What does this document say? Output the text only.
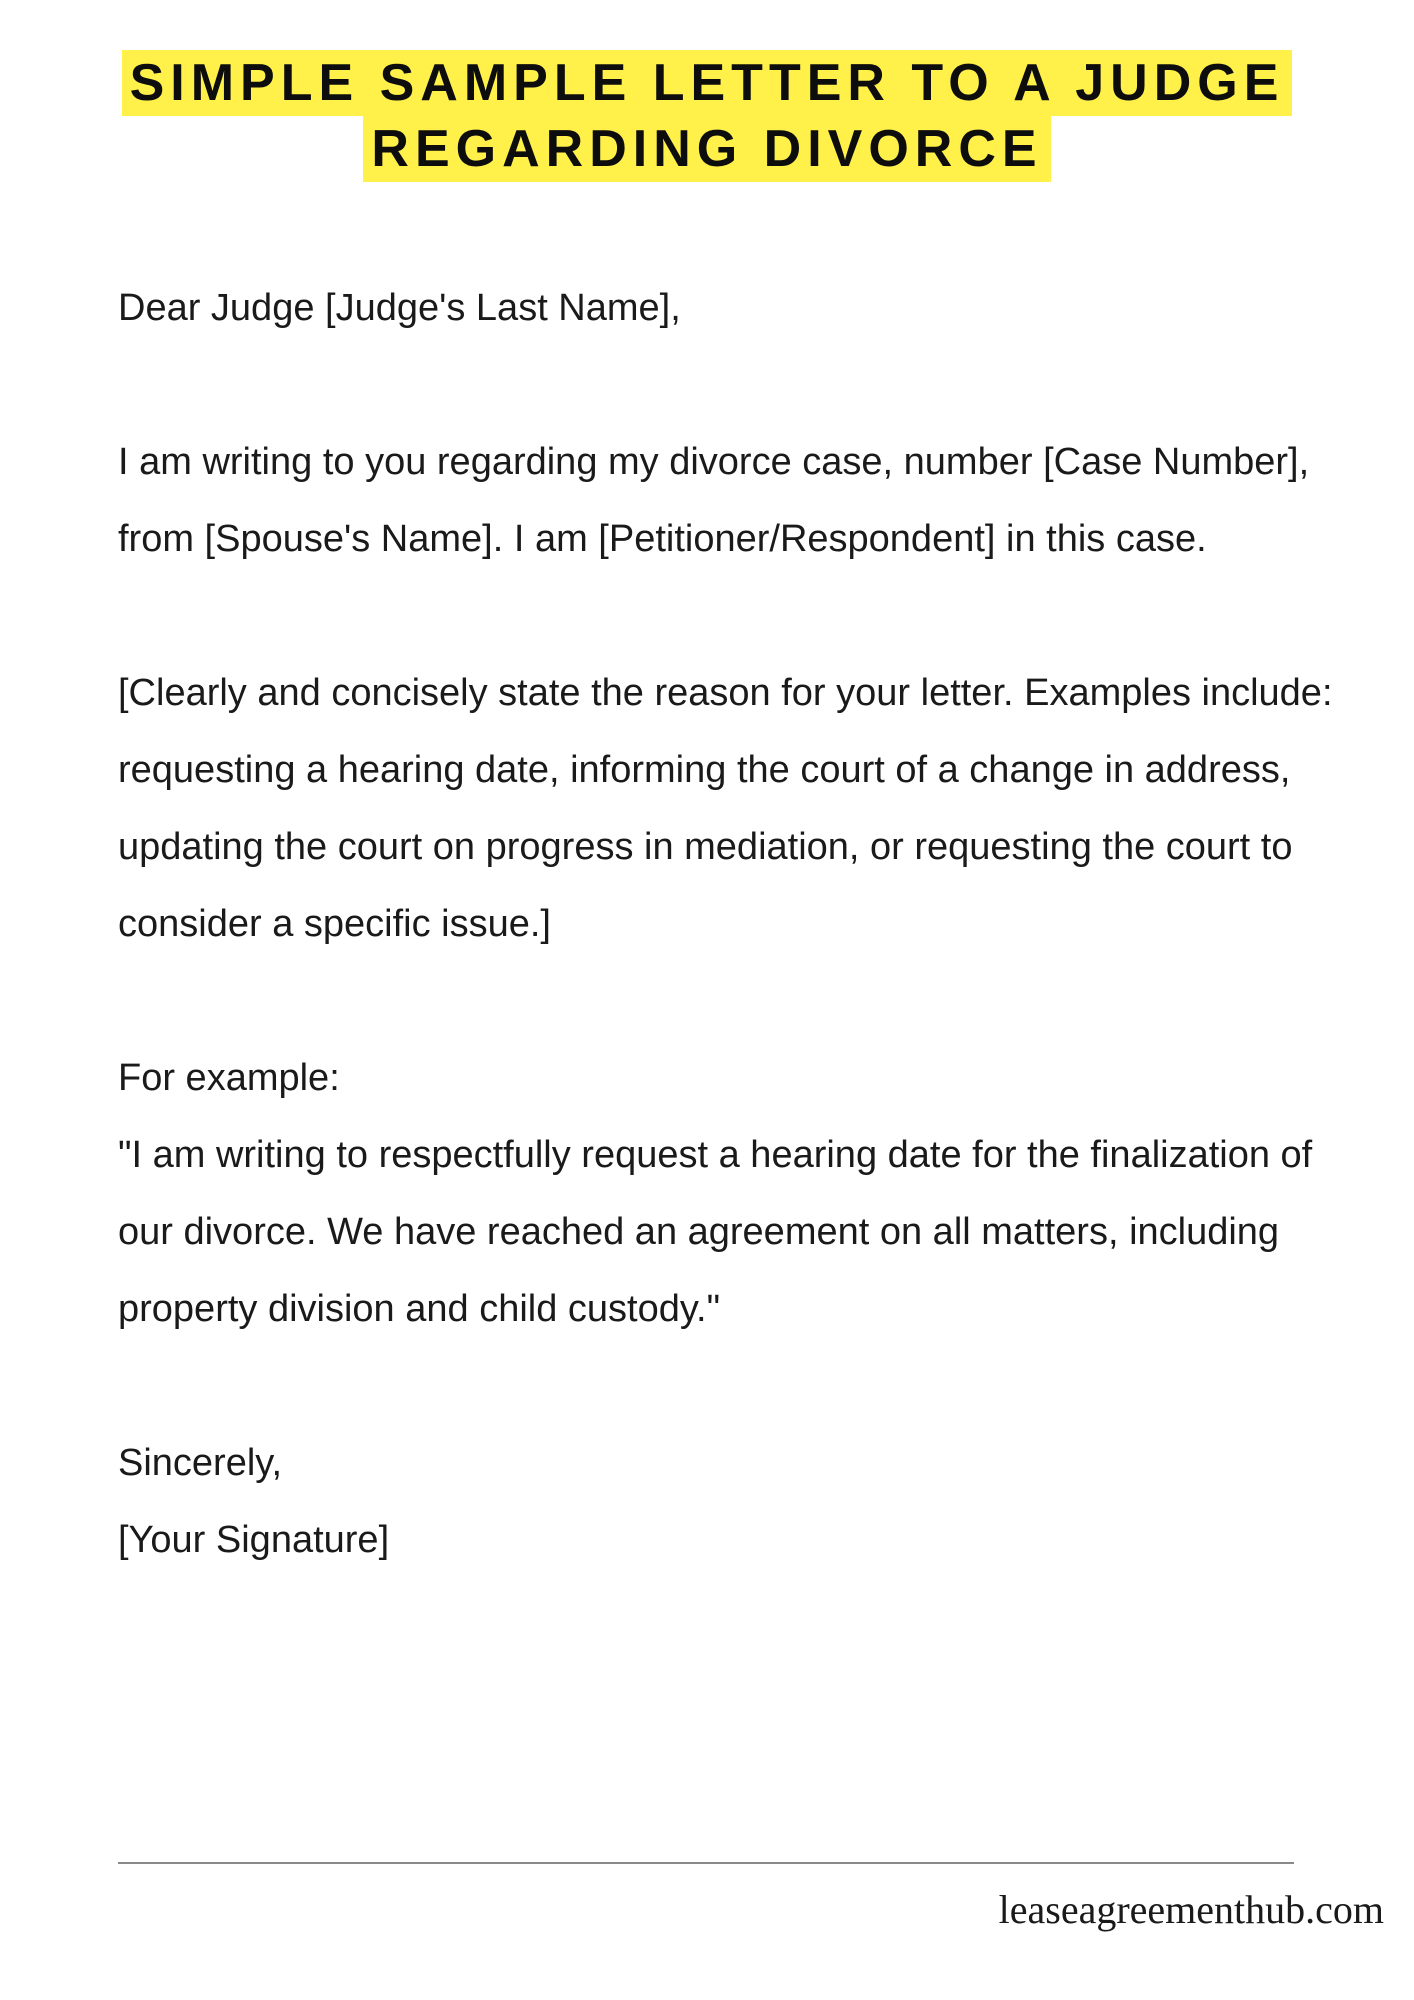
SIMPLE SAMPLE LETTER TO A JUDGE
REGARDING DIVORCE

Dear Judge [Judge's Last Name],

I am writing to you regarding my divorce case, number [Case Number], from [Spouse's Name]. I am [Petitioner/Respondent] in this case.

[Clearly and concisely state the reason for your letter. Examples include: requesting a hearing date, informing the court of a change in address, updating the court on progress in mediation, or requesting the court to consider a specific issue.]

For example:
"I am writing to respectfully request a hearing date for the finalization of our divorce. We have reached an agreement on all matters, including property division and child custody."

Sincerely,
[Your Signature]

leaseagreementhub.com
